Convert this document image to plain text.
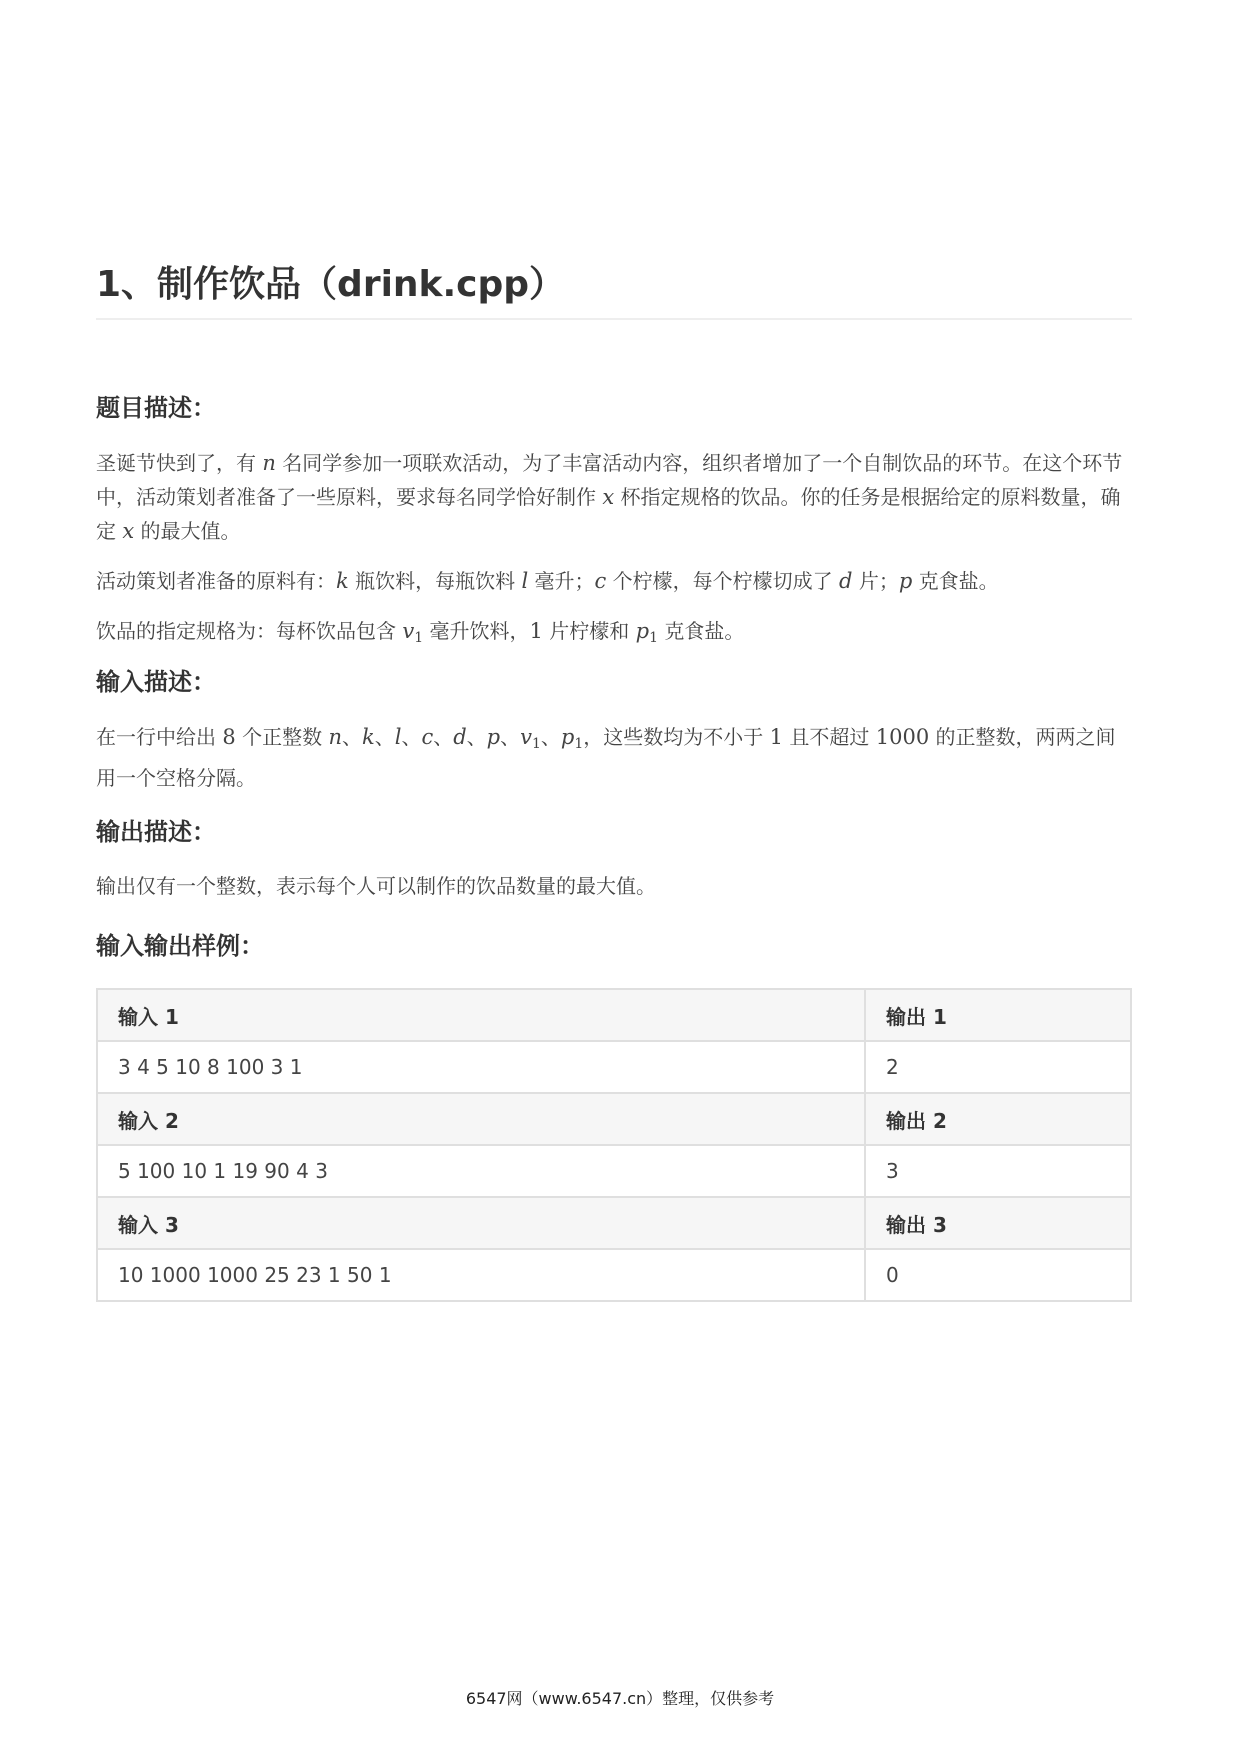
1、制作饮品（drink.cpp）
题目描述：
圣诞节快到了，有 n 名同学参加一项联欢活动，为了丰富活动内容，组织者增加了一个自制饮品的环节。在这个环节中，活动策划者准备了一些原料，要求每名同学恰好制作 x 杯指定规格的饮品。你的任务是根据给定的原料数量，确定 x 的最大值。
活动策划者准备的原料有：k 瓶饮料，每瓶饮料 l 毫升；c 个柠檬，每个柠檬切成了 d 片；p 克食盐。
饮品的指定规格为：每杯饮品包含 $v_1$ 毫升饮料，1 片柠檬和 $p_1$ 克食盐。
输入描述：
在一行中给出 8 个正整数 n、k、l、c、d、p、$v_1$、$p_1$，这些数均为不小于 1 且不超过 1000 的正整数，两两之间用一个空格分隔。
输出描述：
输出仅有一个整数，表示每个人可以制作的饮品数量的最大值。
输入输出样例：
输入 1	输出 1
3 4 5 10 8 100 3 1	2
输入 2	输出 2
5 100 10 1 19 90 4 3	3
输入 3	输出 3
10 1000 1000 25 23 1 50 1	0
6547网（www.6547.cn）整理，仅供参考
